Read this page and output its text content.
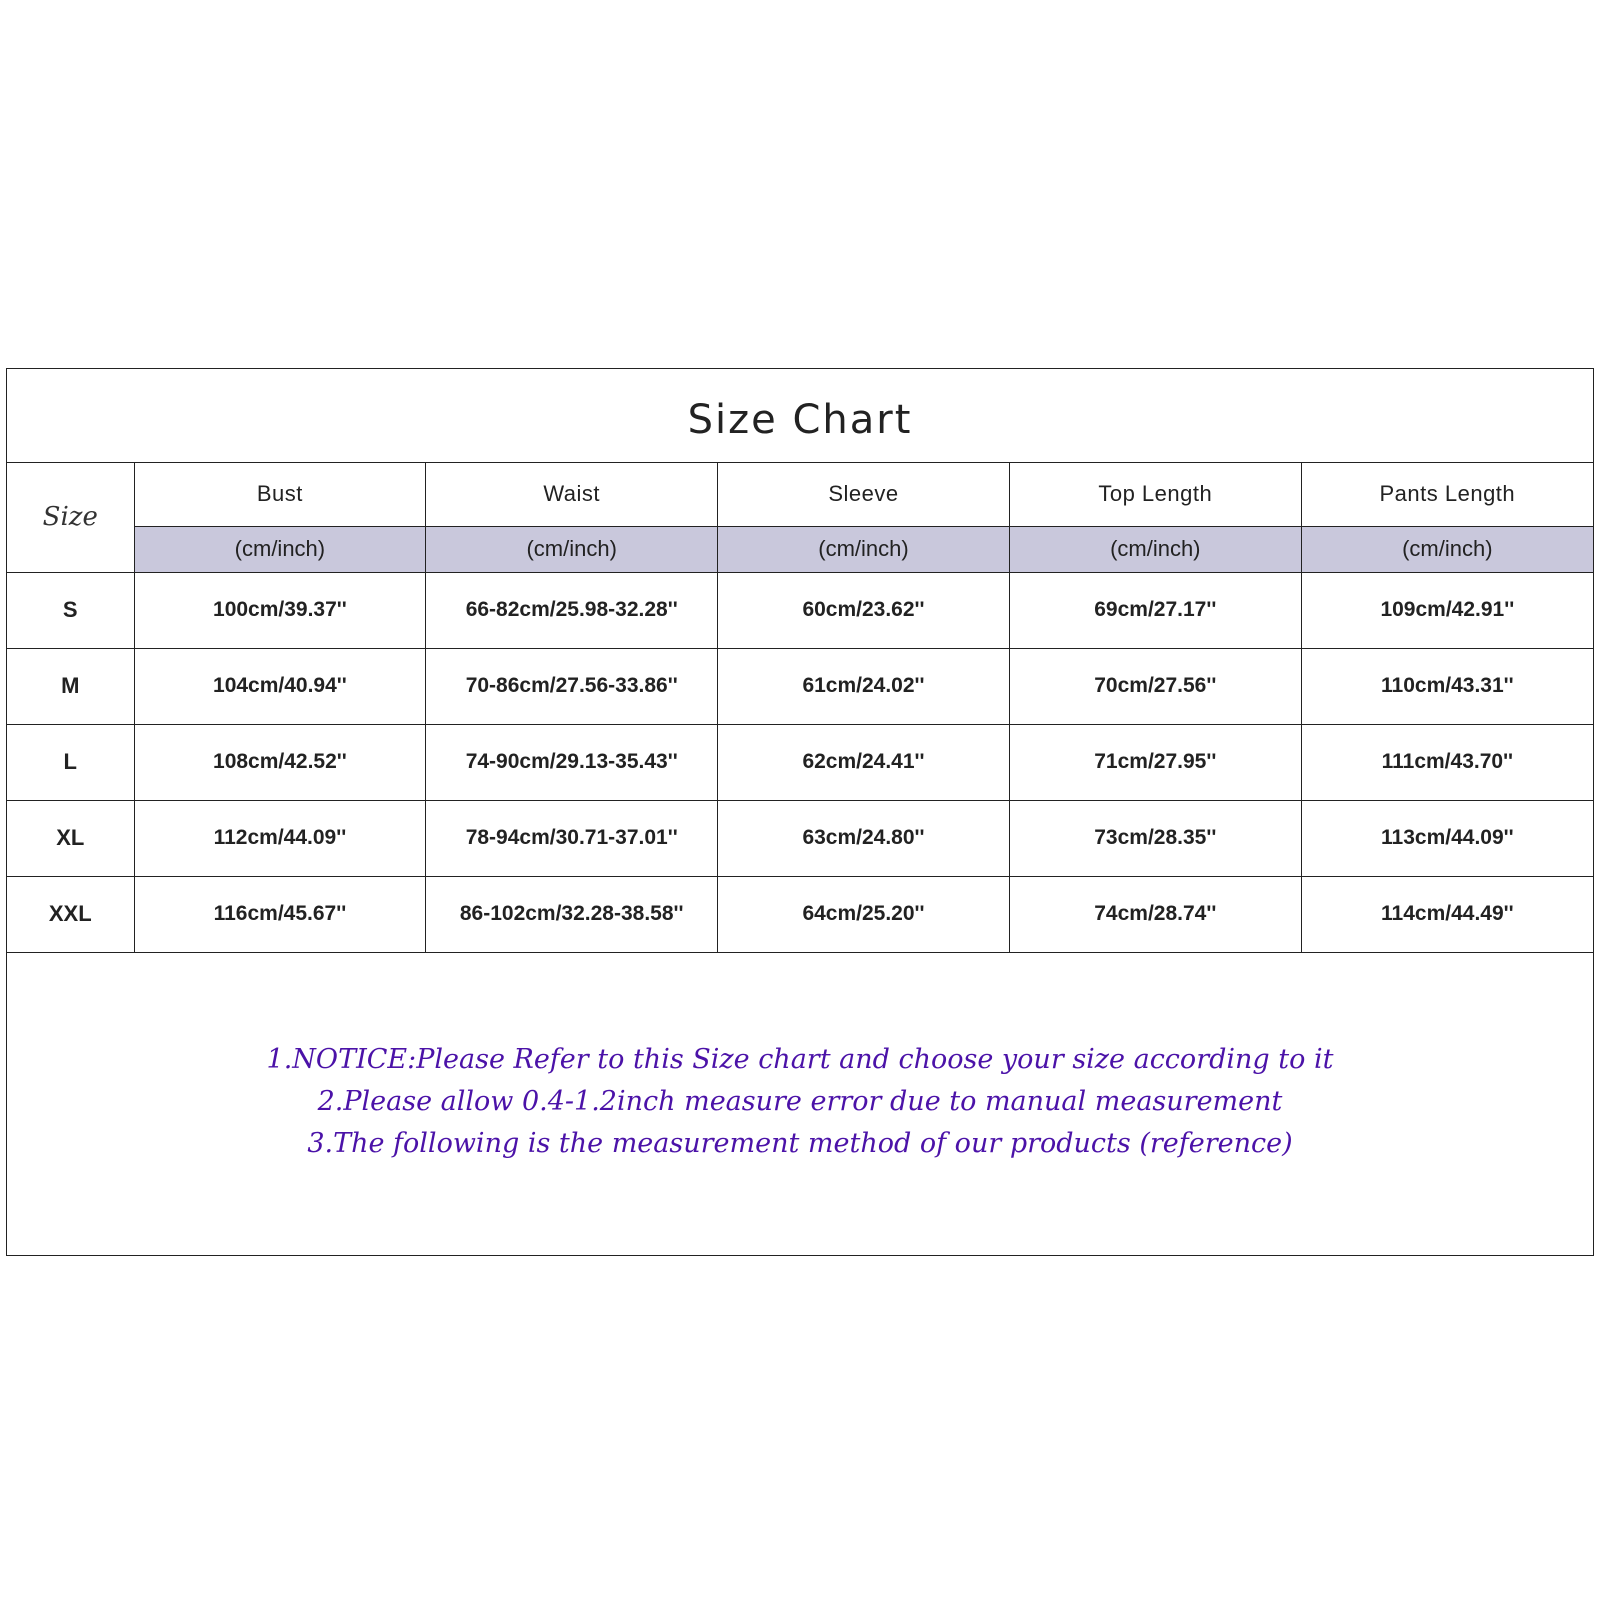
Size Chart
Size	Bust	Waist	Sleeve	Top Length	Pants Length
	(cm/inch)	(cm/inch)	(cm/inch)	(cm/inch)	(cm/inch)
S	100cm/39.37''	66-82cm/25.98-32.28''	60cm/23.62''	69cm/27.17''	109cm/42.91''
M	104cm/40.94''	70-86cm/27.56-33.86''	61cm/24.02''	70cm/27.56''	110cm/43.31''
L	108cm/42.52''	74-90cm/29.13-35.43''	62cm/24.41''	71cm/27.95''	111cm/43.70''
XL	112cm/44.09''	78-94cm/30.71-37.01''	63cm/24.80''	73cm/28.35''	113cm/44.09''
XXL	116cm/45.67''	86-102cm/32.28-38.58''	64cm/25.20''	74cm/28.74''	114cm/44.49''
1.NOTICE:Please Refer to this Size chart and choose your size according to it
2.Please allow 0.4-1.2inch measure error due to manual measurement
3.The following is the measurement method of our products (reference)
